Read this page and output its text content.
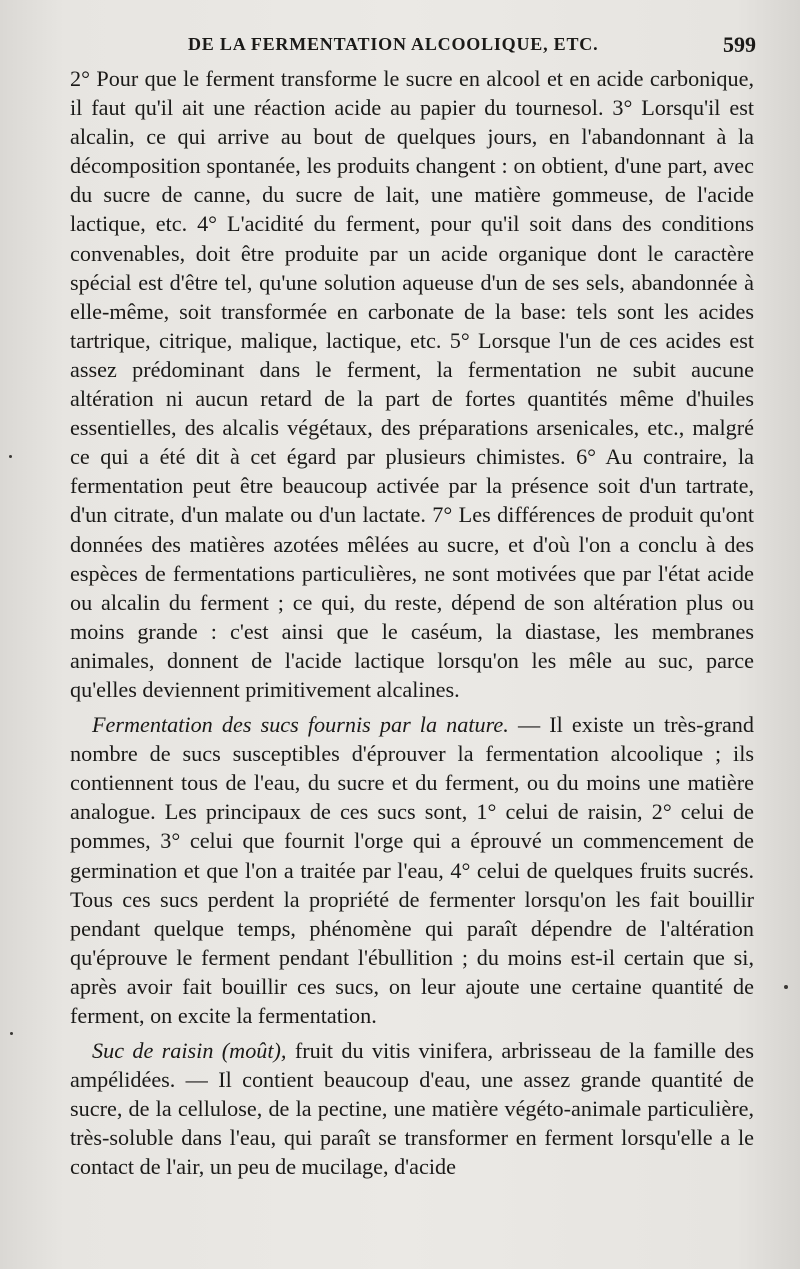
DE LA FERMENTATION ALCOOLIQUE, ETC.	599

2° Pour que le ferment transforme le sucre en alcool et en acide carbonique, il faut qu'il ait une réaction acide au papier du tournesol. 3° Lorsqu'il est alcalin, ce qui arrive au bout de quelques jours, en l'abandonnant à la décomposition spontanée, les produits changent : on obtient, d'une part, avec du sucre de canne, du sucre de lait, une matière gommeuse, de l'acide lactique, etc. 4° L'acidité du ferment, pour qu'il soit dans des conditions convenables, doit être produite par un acide organique dont le caractère spécial est d'être tel, qu'une solution aqueuse d'un de ses sels, abandonnée à elle-même, soit transformée en carbonate de la base: tels sont les acides tartrique, citrique, malique, lactique, etc. 5° Lorsque l'un de ces acides est assez prédominant dans le ferment, la fermentation ne subit aucune altération ni aucun retard de la part de fortes quantités même d'huiles essentielles, des alcalis végétaux, des préparations arsenicales, etc., malgré ce qui a été dit à cet égard par plusieurs chimistes. 6° Au contraire, la fermentation peut être beaucoup activée par la présence soit d'un tartrate, d'un citrate, d'un malate ou d'un lactate. 7° Les différences de produit qu'ont données des matières azotées mêlées au sucre, et d'où l'on a conclu à des espèces de fermentations particulières, ne sont motivées que par l'état acide ou alcalin du ferment ; ce qui, du reste, dépend de son altération plus ou moins grande : c'est ainsi que le caséum, la diastase, les membranes animales, donnent de l'acide lactique lorsqu'on les mêle au suc, parce qu'elles deviennent primitivement alcalines.

Fermentation des sucs fournis par la nature. — Il existe un très-grand nombre de sucs susceptibles d'éprouver la fermentation alcoolique ; ils contiennent tous de l'eau, du sucre et du ferment, ou du moins une matière analogue. Les principaux de ces sucs sont, 1° celui de raisin, 2° celui de pommes, 3° celui que fournit l'orge qui a éprouvé un commencement de germination et que l'on a traitée par l'eau, 4° celui de quelques fruits sucrés. Tous ces sucs perdent la propriété de fermenter lorsqu'on les fait bouillir pendant quelque temps, phénomène qui paraît dépendre de l'altération qu'éprouve le ferment pendant l'ébullition ; du moins est-il certain que si, après avoir fait bouillir ces sucs, on leur ajoute une certaine quantité de ferment, on excite la fermentation.

Suc de raisin (moût), fruit du vitis vinifera, arbrisseau de la famille des ampélidées. — Il contient beaucoup d'eau, une assez grande quantité de sucre, de la cellulose, de la pectine, une matière végéto-animale particulière, très-soluble dans l'eau, qui paraît se transformer en ferment lorsqu'elle a le contact de l'air, un peu de mucilage, d'acide
